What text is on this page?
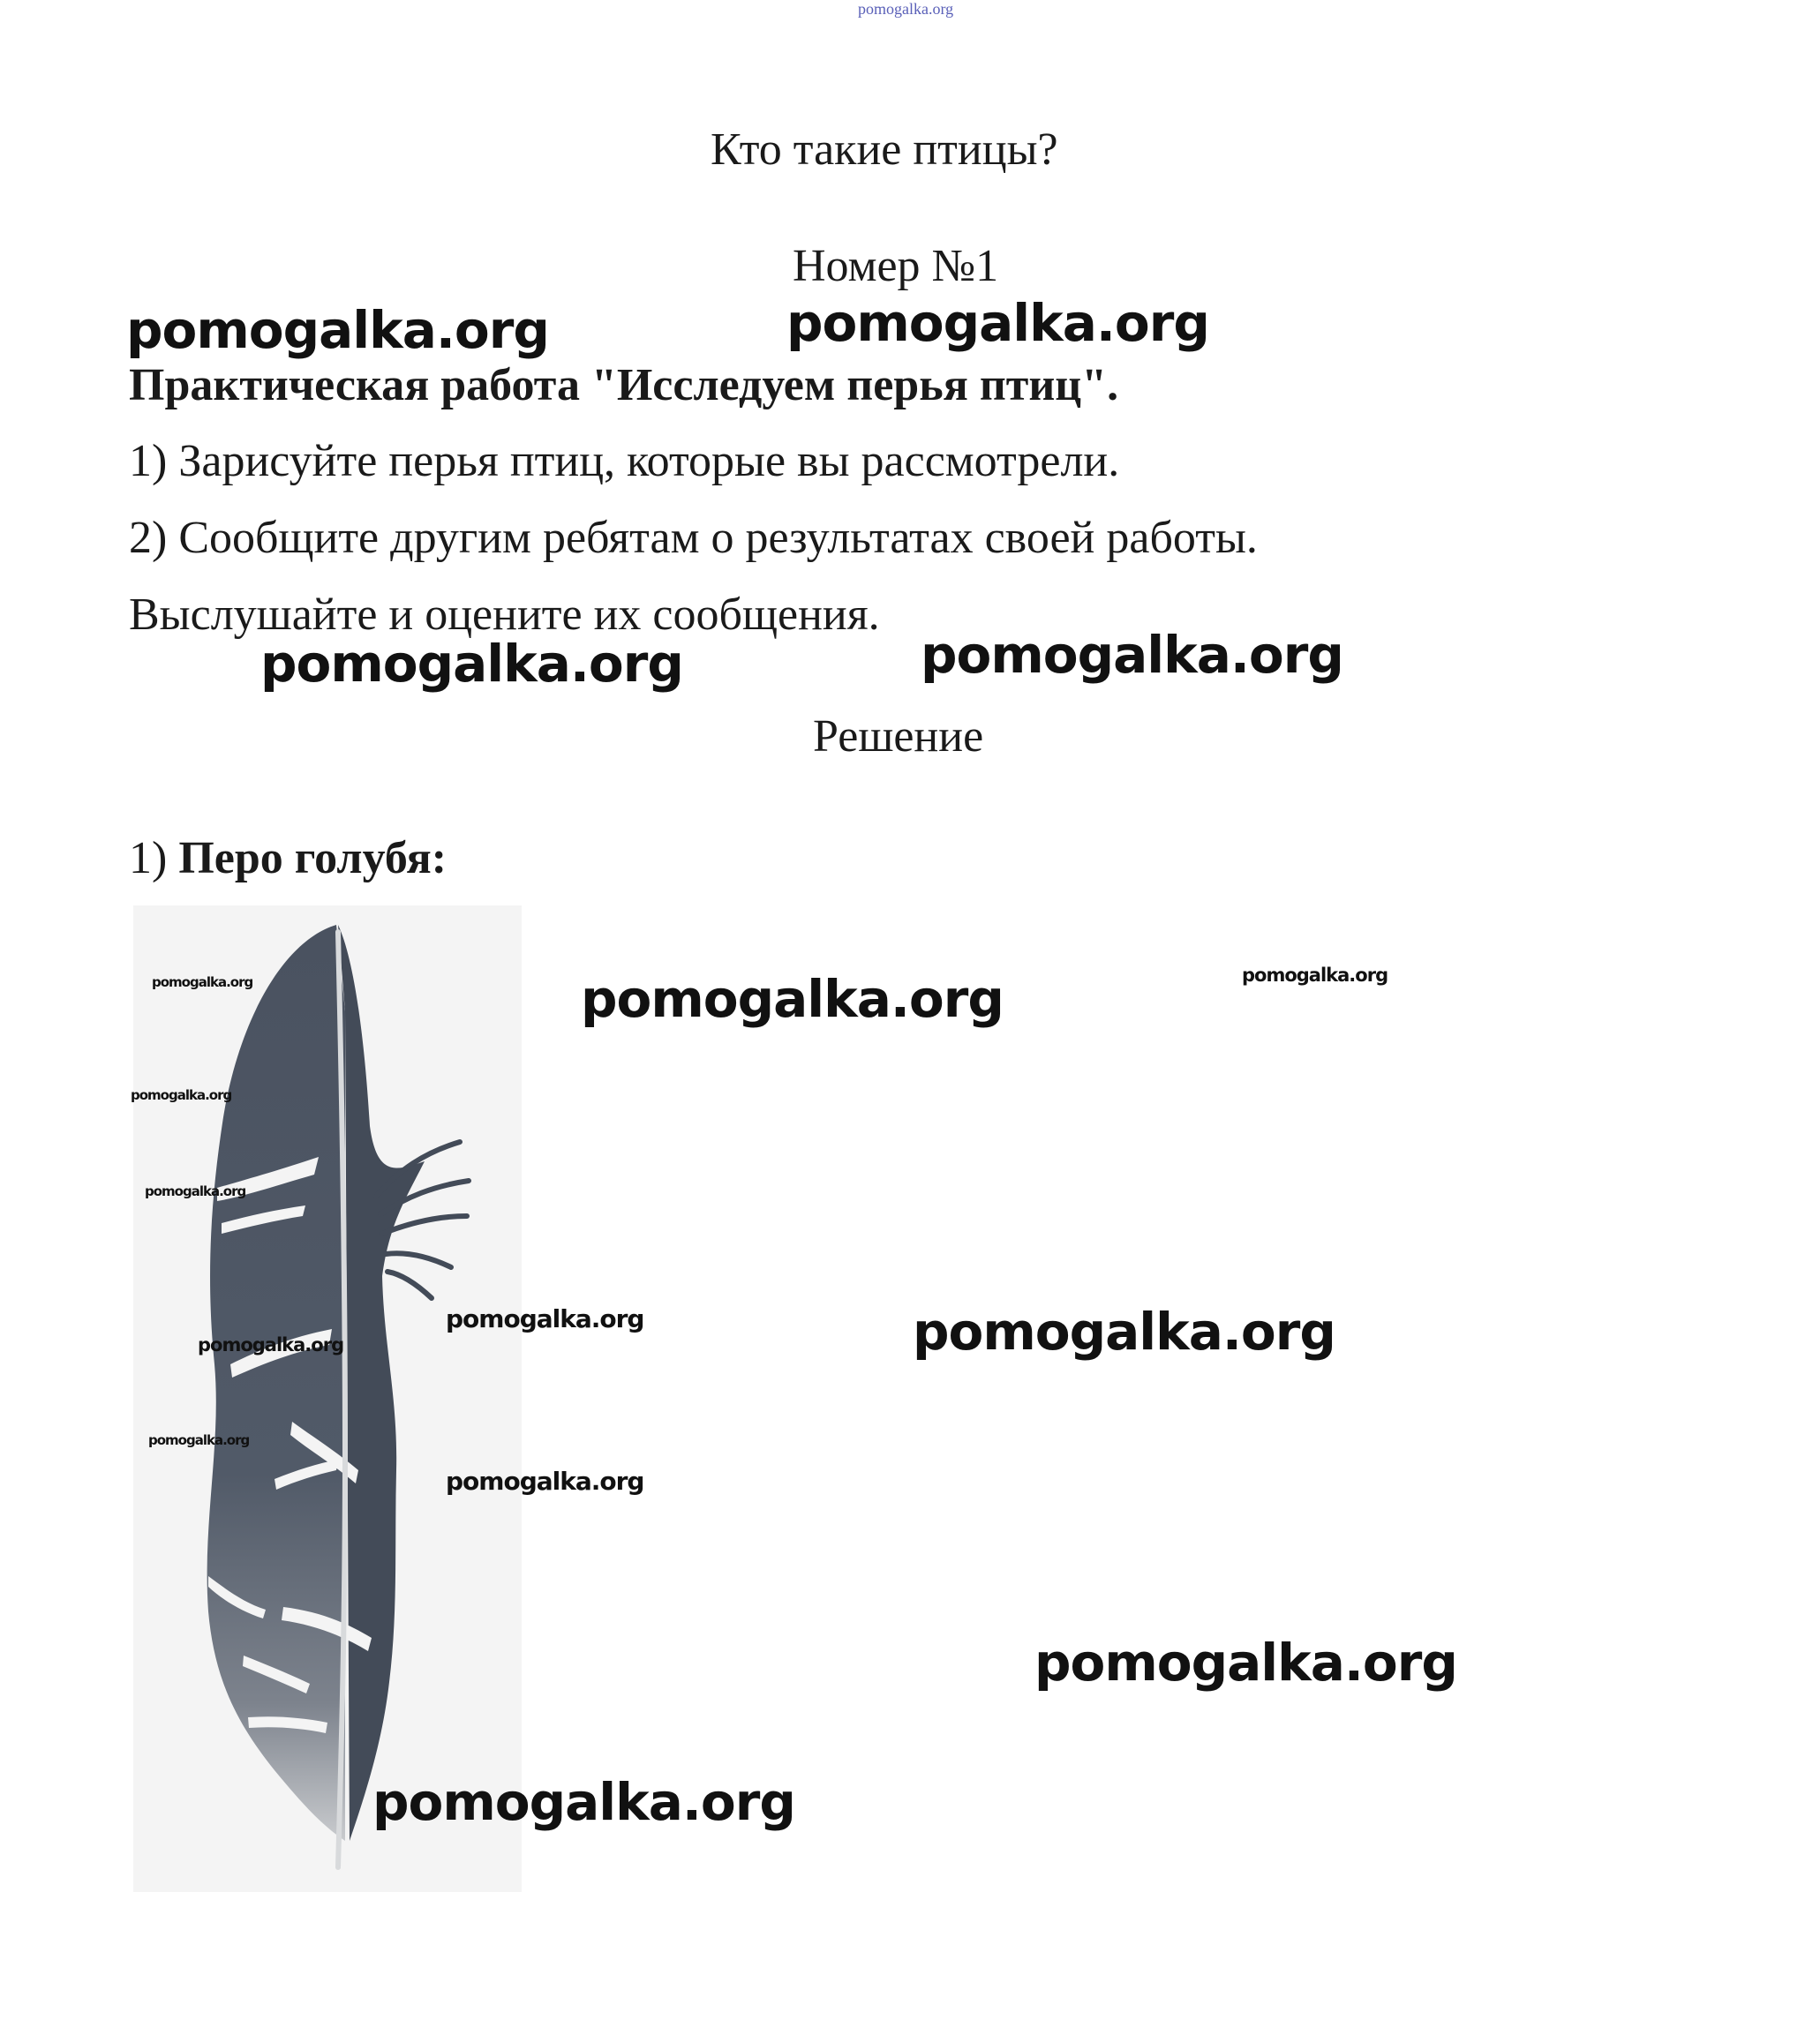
pomogalka.org
Кто такие птицы?
Номер №1
pomogalka.org	pomogalka.org
Практическая работа "Исследуем перья птиц".
1) Зарисуйте перья птиц, которые вы рассмотрели.
2) Сообщите другим ребятам о результатах своей работы.
Выслушайте и оцените их сообщения.
pomogalka.org	pomogalka.org
Решение
1) Перо голубя:
pomogalka.org
pomogalka.org
pomogalka.org
pomogalka.org
pomogalka.org
pomogalka.org	pomogalka.org
pomogalka.org	pomogalka.org
pomogalka.org
pomogalka.org
pomogalka.org
